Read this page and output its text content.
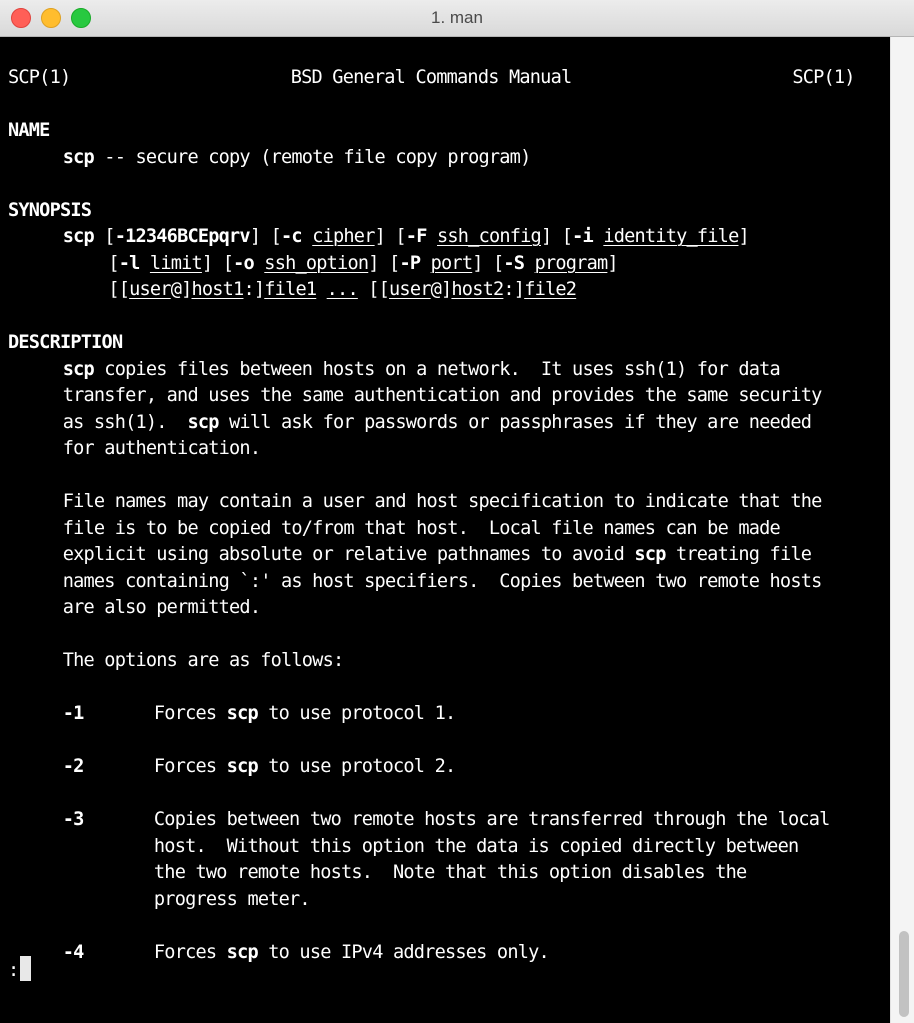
1. man
SCP(1)	BSD General Commands Manual	SCP(1)
NAME
scp -- secure copy (remote file copy program)
SYNOPSIS
scp [-12346BCEpqrv] [-c cipher] [-F ssh_config] [-i identity_file]
[-l limit] [-o ssh_option] [-P port] [-S program]
[[user@]host1:]file1 ... [[user@]host2:]file2
DESCRIPTION
scp copies files between hosts on a network.  It uses ssh(1) for data
transfer, and uses the same authentication and provides the same security
as ssh(1).  scp will ask for passwords or passphrases if they are needed
for authentication.
File names may contain a user and host specification to indicate that the
file is to be copied to/from that host.  Local file names can be made
explicit using absolute or relative pathnames to avoid scp treating file
names containing `:' as host specifiers.  Copies between two remote hosts
are also permitted.
The options are as follows:
-1	Forces scp to use protocol 1.
-2	Forces scp to use protocol 2.
-3	Copies between two remote hosts are transferred through the local
host.  Without this option the data is copied directly between
the two remote hosts.  Note that this option disables the
progress meter.
-4	Forces scp to use IPv4 addresses only.
:
